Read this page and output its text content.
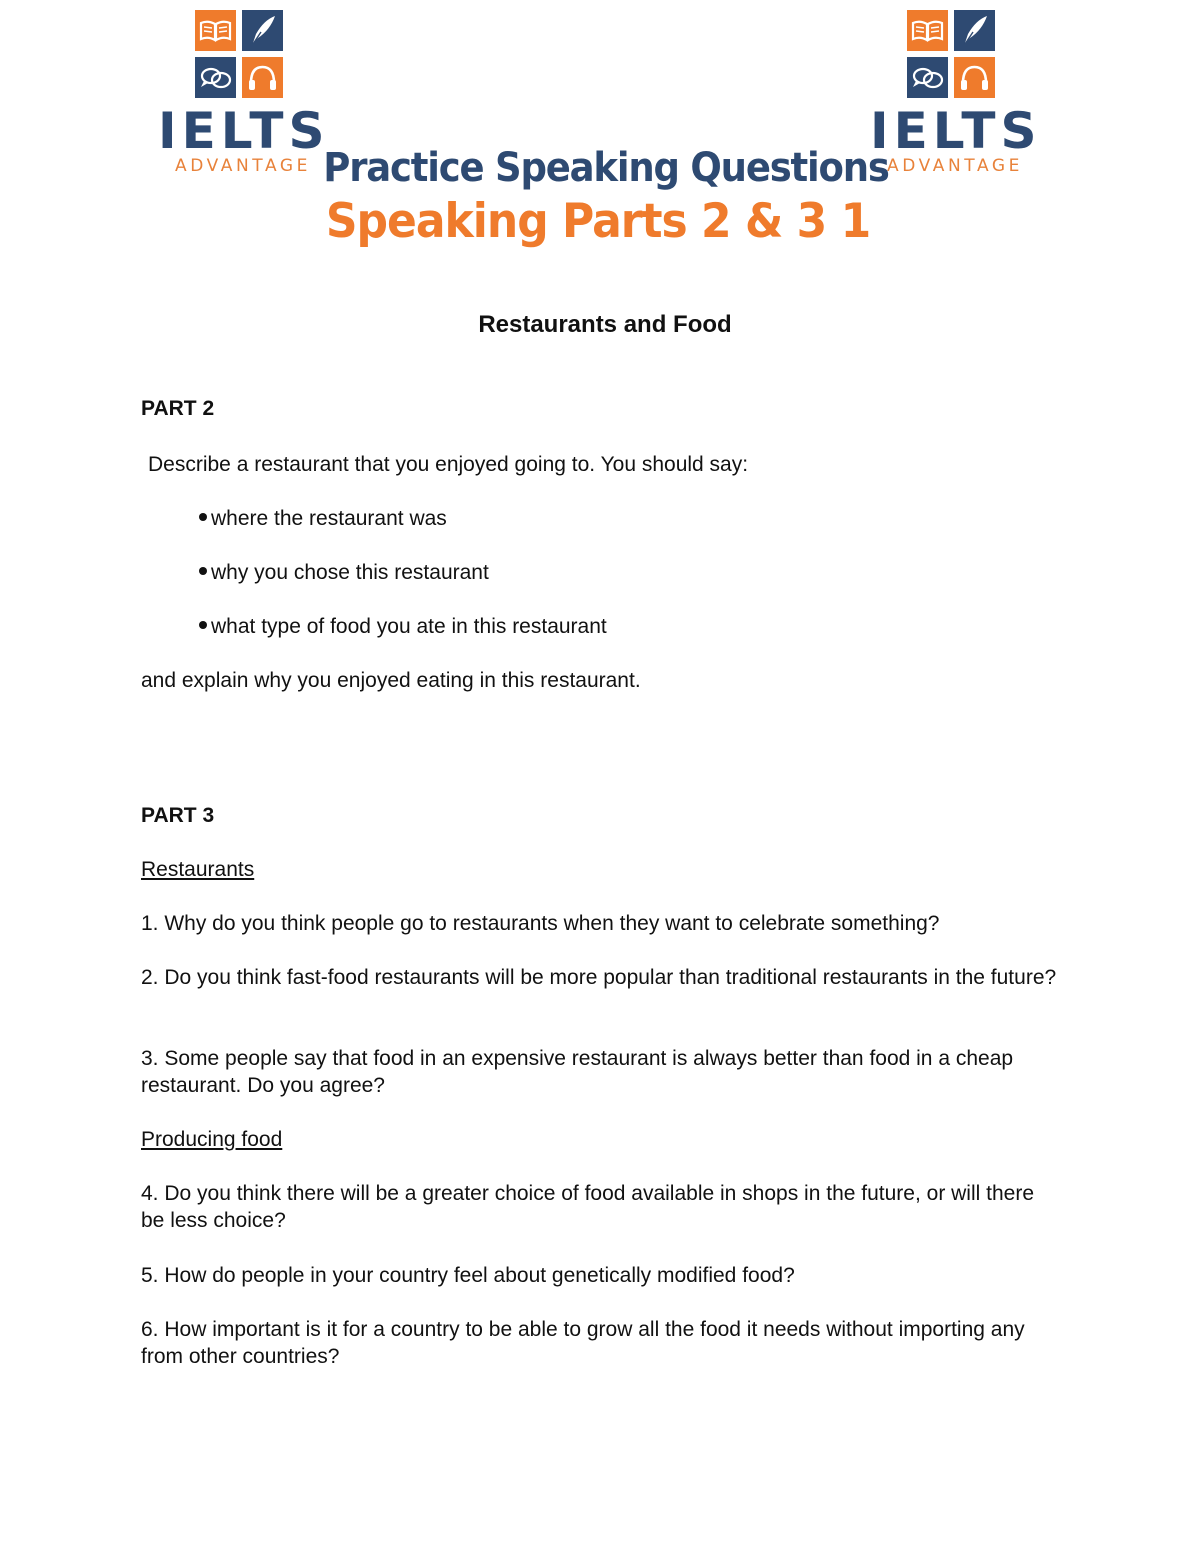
IELTS
ADVANTAGE
IELTS
ADVANTAGE
Practice Speaking Questions
Speaking Parts 2 & 3 1
Restaurants and Food
PART 2
Describe a restaurant that you enjoyed going to. You should say:
where the restaurant was
why you chose this restaurant
what type of food you ate in this restaurant
and explain why you enjoyed eating in this restaurant.
PART 3
Restaurants
1. Why do you think people go to restaurants when they want to celebrate something?
2. Do you think fast-food restaurants will be more popular than traditional restaurants in the future?
3. Some people say that food in an expensive restaurant is always better than food in a cheap restaurant. Do you agree?
Producing food
4. Do you think there will be a greater choice of food available in shops in the future, or will there be less choice?
5. How do people in your country feel about genetically modified food?
6. How important is it for a country to be able to grow all the food it needs without importing any from other countries?
